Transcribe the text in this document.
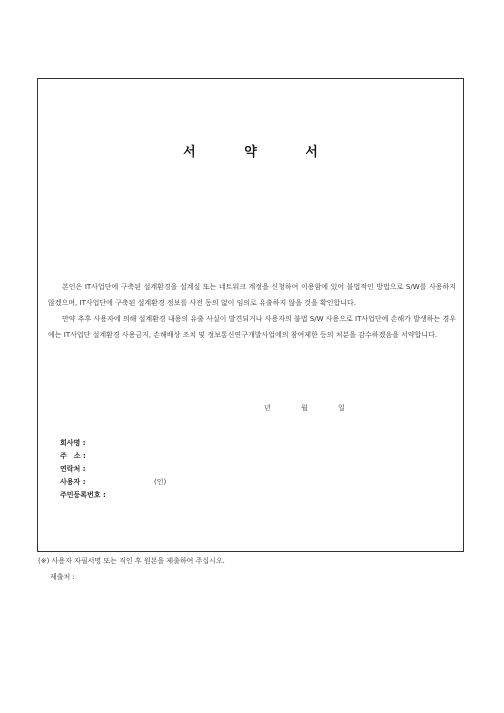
서 약 서

본인은 IT사업단에 구축된 설계환경을 설계실 또는 네트워크 계정을 신청하여 이용함에 있어 불법적인 방법으로 S/W를 사용하지 않겠으며, IT사업단에 구축된 설계환경 정보를 사전 동의 없이 임의로 유출하지 않을 것을 확인합니다.

만약 추후 사용자에 의해 설계환경 내용의 유출 사실이 발견되거나 사용자의 불법 S/W 사용으로 IT사업단에 손해가 발생하는 경우에는 IT사업단 설계환경 사용금지, 손해배상 조치 및 정보통신연구개발사업에의 참여제한 등의 처분을 감수하겠음을 서약합니다.

년	월	일
회사명 :
주　소 :
연락처 :
사용자 :	(인)
주민등록번호 :
(※) 사용자 자필서명 또는 직인 후 원본을 제출하여 주십시오.
제출처 :
